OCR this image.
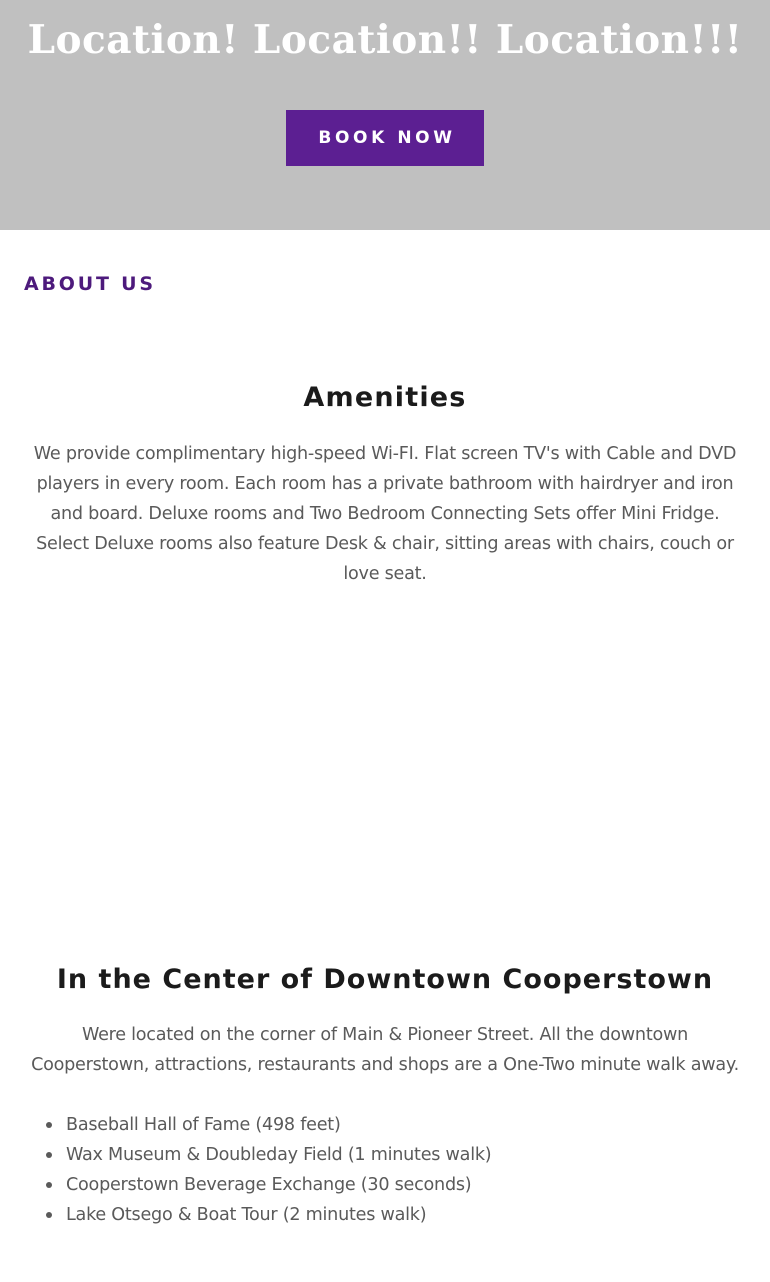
Location! Location!! Location!!!
BOOK NOW
ABOUT US
Amenities

We provide complimentary high-speed Wi-FI. Flat screen TV's with Cable and DVD players in every room. Each room has a private bathroom with hairdryer and iron and board. Deluxe rooms and Two Bedroom Connecting Sets offer Mini Fridge. Select Deluxe rooms also feature Desk & chair, sitting areas with chairs, couch or love seat.

In the Center of Downtown Cooperstown

Were located on the corner of Main & Pioneer Street. All the downtown Cooperstown, attractions, restaurants and shops are a One-Two minute walk away.

Baseball Hall of Fame (498 feet)
Wax Museum & Doubleday Field (1 minutes walk)
Cooperstown Beverage Exchange (30 seconds)
Lake Otsego & Boat Tour (2 minutes walk)
